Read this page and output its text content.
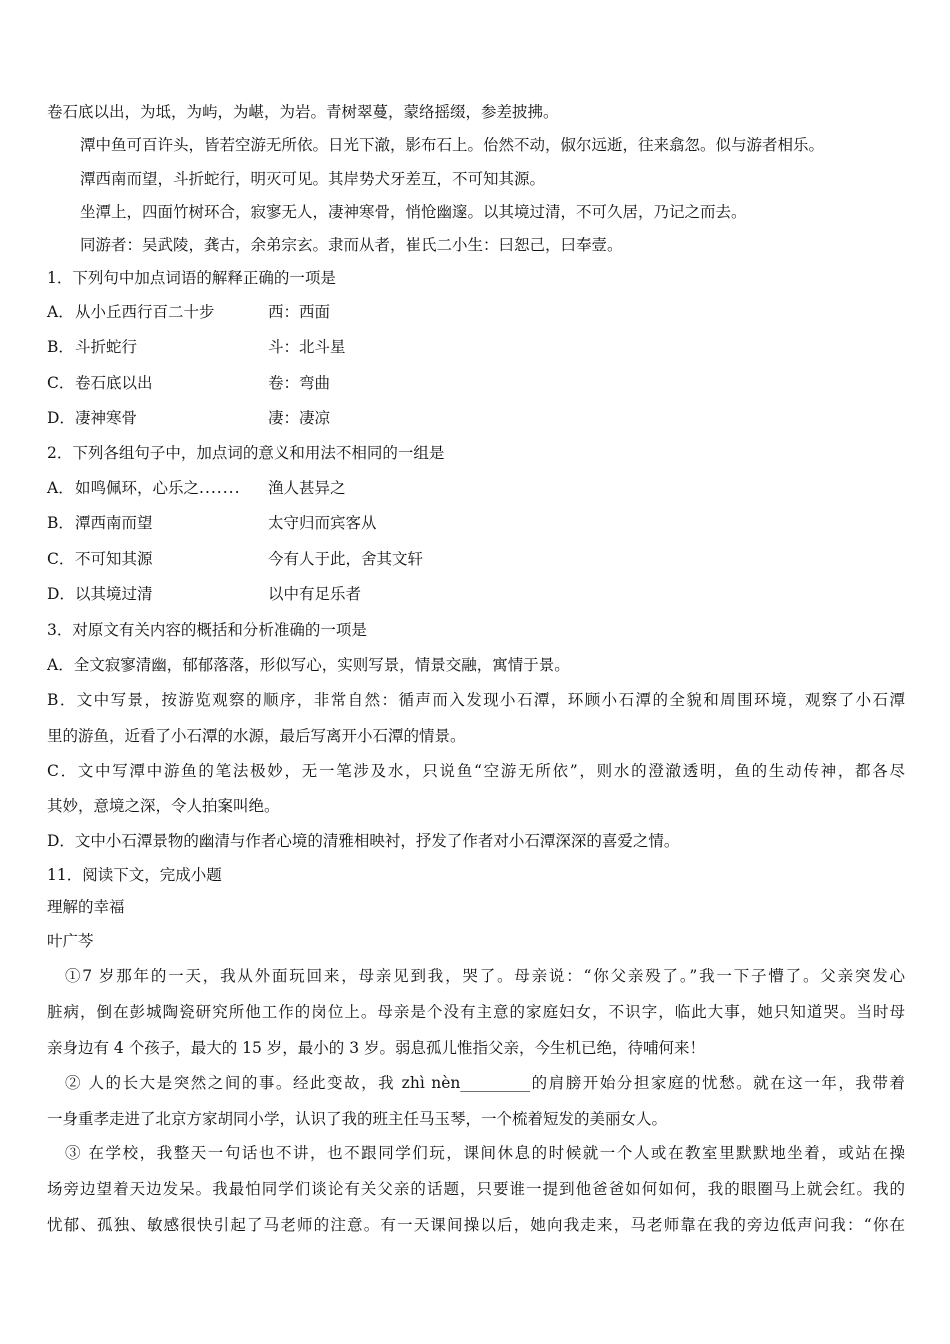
卷石底以出，为坻，为屿，为嵁，为岩。青树翠蔓，蒙络摇缀，参差披拂。
潭中鱼可百许头，皆若空游无所依。日光下澈，影布石上。佁然不动，俶尔远逝，往来翕忽。似与游者相乐。
潭西南而望，斗折蛇行，明灭可见。其岸势犬牙差互，不可知其源。
坐潭上，四面竹树环合，寂寥无人，凄神寒骨，悄怆幽邃。以其境过清，不可久居，乃记之而去。
同游者：吴武陵，龚古，余弟宗玄。隶而从者，崔氏二小生：曰恕己，曰奉壹。
1．下列句中加点词语的解释正确的一项是
A．从小丘西行百二十步	西：西面
B．斗折蛇行	斗：北斗星
C．卷石底以出	卷：弯曲
D．凄神寒骨	凄：凄凉
2．下列各组句子中，加点词的意义和用法不相同的一组是
A．如鸣佩环，心乐之....... 渔人甚异之
B．潭西南而望	太守归而宾客从
C．不可知其源	今有人于此，舍其文轩
D．以其境过清	以中有足乐者
3．对原文有关内容的概括和分析准确的一项是
A．全文寂寥清幽，郁郁落落，形似写心，实则写景，情景交融，寓情于景。
B．文中写景，按游览观察的顺序，非常自然：循声而入发现小石潭，环顾小石潭的全貌和周围环境，观察了小石潭
里的游鱼，近看了小石潭的水源，最后写离开小石潭的情景。
C．文中写潭中游鱼的笔法极妙，无一笔涉及水，只说鱼“空游无所依”，则水的澄澈透明，鱼的生动传神，都各尽
其妙，意境之深，令人拍案叫绝。
D．文中小石潭景物的幽清与作者心境的清雅相映衬，抒发了作者对小石潭深深的喜爱之情。
11．阅读下文，完成小题
理解的幸福
叶广芩
①7 岁那年的一天，我从外面玩回来，母亲见到我，哭了。母亲说：“你父亲殁了。”我一下子懵了。父亲突发心
脏病，倒在彭城陶瓷研究所他工作的岗位上。母亲是个没有主意的家庭妇女，不识字，临此大事，她只知道哭。当时母
亲身边有 4 个孩子，最大的 15 岁，最小的 3 岁。弱息孤儿惟指父亲，今生机已绝，待哺何来！
② 人的长大是突然之间的事。经此变故，我 zhì nèn_________的肩膀开始分担家庭的忧愁。就在这一年，我带着
一身重孝走进了北京方家胡同小学，认识了我的班主任马玉琴，一个梳着短发的美丽女人。
③ 在学校，我整天一句话也不讲，也不跟同学们玩，课间休息的时候就一个人或在教室里默默地坐着，或站在操
场旁边望着天边发呆。我最怕同学们谈论有关父亲的话题，只要谁一提到他爸爸如何如何，我的眼圈马上就会红。我的
忧郁、孤独、敏感很快引起了马老师的注意。有一天课间操以后，她向我走来，马老师靠在我的旁边低声问我：“你在
